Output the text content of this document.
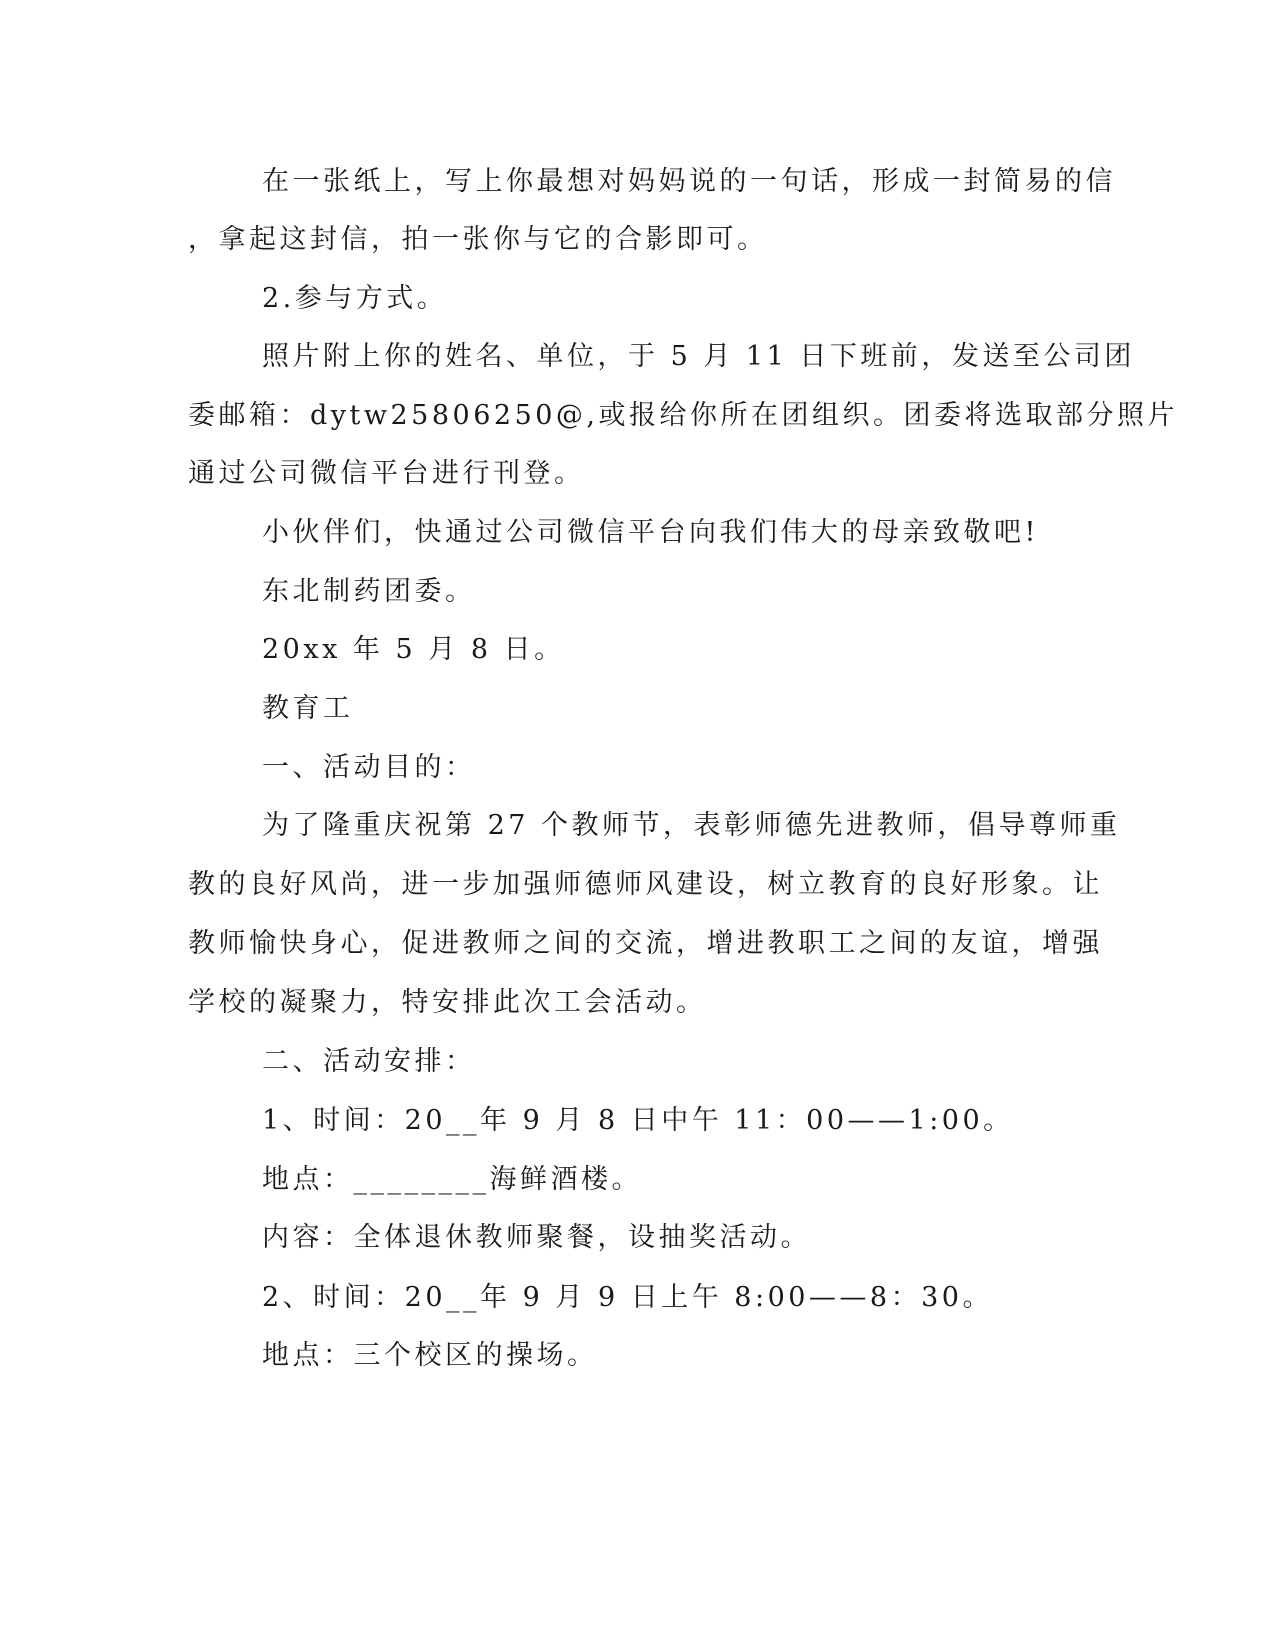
在一张纸上，写上你最想对妈妈说的一句话，形成一封简易的信
，拿起这封信，拍一张你与它的合影即可。
2.参与方式。
照片附上你的姓名、单位，于 5 月 11 日下班前，发送至公司团
委邮箱：dytw25806250@,或报给你所在团组织。团委将选取部分照片
通过公司微信平台进行刊登。
小伙伴们，快通过公司微信平台向我们伟大的母亲致敬吧!
东北制药团委。
20xx 年 5 月 8 日。
教育工
一、活动目的：
为了隆重庆祝第 27 个教师节，表彰师德先进教师，倡导尊师重
教的良好风尚，进一步加强师德师风建设，树立教育的良好形象。让
教师愉快身心，促进教师之间的交流，增进教职工之间的友谊，增强
学校的凝聚力，特安排此次工会活动。
二、活动安排：
1、时间：20__年 9 月 8 日中午 11：00——1:00。
地点：________海鲜酒楼。
内容：全体退休教师聚餐，设抽奖活动。
2、时间：20__年 9 月 9 日上午 8:00——8：30。
地点：三个校区的操场。
